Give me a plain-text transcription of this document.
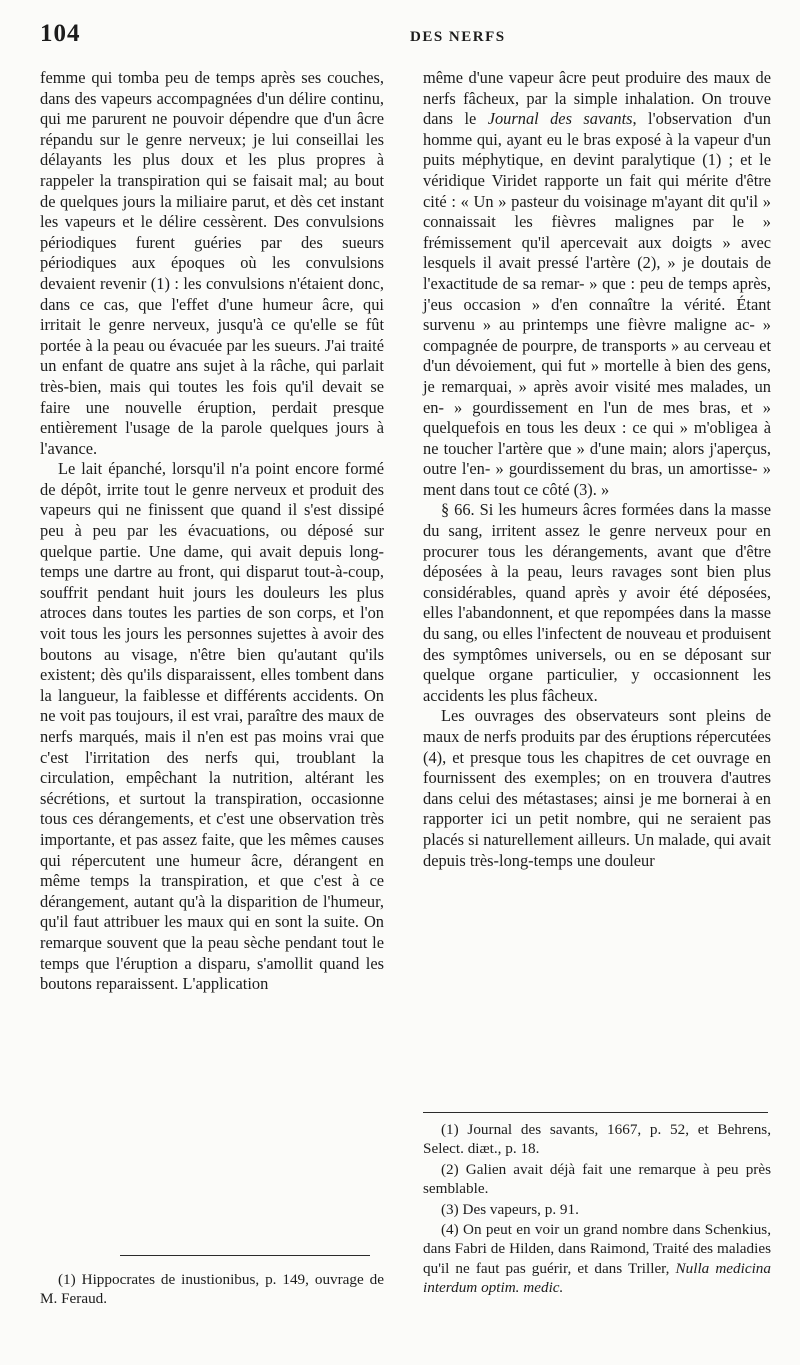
104	DES NERFS

femme qui tomba peu de temps après ses couches, dans des vapeurs accompagnées d'un délire continu, qui me parurent ne pouvoir dépendre que d'un âcre répandu sur le genre nerveux; je lui conseillai les délayants les plus doux et les plus propres à rappeler la transpiration qui se faisait mal; au bout de quelques jours la miliaire parut, et dès cet instant les vapeurs et le délire cessèrent. Des convulsions périodiques furent guéries par des sueurs périodiques aux époques où les convulsions devaient revenir (1) : les convulsions n'étaient donc, dans ce cas, que l'effet d'une humeur âcre, qui irritait le genre nerveux, jusqu'à ce qu'elle se fût portée à la peau ou évacuée par les sueurs. J'ai traité un enfant de quatre ans sujet à la râche, qui parlait très-bien, mais qui toutes les fois qu'il devait se faire une nouvelle éruption, perdait presque entièrement l'usage de la parole quelques jours à l'avance.

Le lait épanché, lorsqu'il n'a point encore formé de dépôt, irrite tout le genre nerveux et produit des vapeurs qui ne finissent que quand il s'est dissipé peu à peu par les évacuations, ou déposé sur quelque partie. Une dame, qui avait depuis long-temps une dartre au front, qui disparut tout-à-coup, souffrit pendant huit jours les douleurs les plus atroces dans toutes les parties de son corps, et l'on voit tous les jours les personnes sujettes à avoir des boutons au visage, n'être bien qu'autant qu'ils existent; dès qu'ils disparaissent, elles tombent dans la langueur, la faiblesse et différents accidents. On ne voit pas toujours, il est vrai, paraître des maux de nerfs marqués, mais il n'en est pas moins vrai que c'est l'irritation des nerfs qui, troublant la circulation, empêchant la nutrition, altérant les sécrétions, et surtout la transpiration, occasionne tous ces dérangements, et c'est une observation très importante, et pas assez faite, que les mêmes causes qui répercutent une humeur âcre, dérangent en même temps la transpiration, et que c'est à ce dérangement, autant qu'à la disparition de l'humeur, qu'il faut attribuer les maux qui en sont la suite. On remarque souvent que la peau sèche pendant tout le temps que l'éruption a disparu, s'amollit quand les boutons reparaissent. L'application

même d'une vapeur âcre peut produire des maux de nerfs fâcheux, par la simple inhalation. On trouve dans le Journal des savants, l'observation d'un homme qui, ayant eu le bras exposé à la vapeur d'un puits méphytique, en devint paralytique (1) ; et le véridique Viridet rapporte un fait qui mérite d'être cité : « Un » pasteur du voisinage m'ayant dit qu'il » connaissait les fièvres malignes par le » frémissement qu'il apercevait aux doigts » avec lesquels il avait pressé l'artère (2), » je doutais de l'exactitude de sa remar- » que : peu de temps après, j'eus occasion » d'en connaître la vérité. Étant survenu » au printemps une fièvre maligne ac- » compagnée de pourpre, de transports » au cerveau et d'un dévoiement, qui fut » mortelle à bien des gens, je remarquai, » après avoir visité mes malades, un en- » gourdissement en l'un de mes bras, et » quelquefois en tous les deux : ce qui » m'obligea à ne toucher l'artère que » d'une main; alors j'aperçus, outre l'en- » gourdissement du bras, un amortisse- » ment dans tout ce côté (3). »

§ 66. Si les humeurs âcres formées dans la masse du sang, irritent assez le genre nerveux pour en procurer tous les dérangements, avant que d'être déposées à la peau, leurs ravages sont bien plus considérables, quand après y avoir été déposées, elles l'abandonnent, et que repompées dans la masse du sang, ou elles l'infectent de nouveau et produisent des symptômes universels, ou en se déposant sur quelque organe particulier, y occasionnent les accidents les plus fâcheux.

Les ouvrages des observateurs sont pleins de maux de nerfs produits par des éruptions répercutées (4), et presque tous les chapitres de cet ouvrage en fournissent des exemples; on en trouvera d'autres dans celui des métastases; ainsi je me bornerai à en rapporter ici un petit nombre, qui ne seraient pas placés si naturellement ailleurs. Un malade, qui avait depuis très-long-temps une douleur

(1) Journal des savants, 1667, p. 52, et Behrens, Select. diæt., p. 18.

(2) Galien avait déjà fait une remarque à peu près semblable.

(3) Des vapeurs, p. 91.

(4) On peut en voir un grand nombre dans Schenkius, dans Fabri de Hilden, dans Raimond, Traité des maladies qu'il ne faut pas guérir, et dans Triller, Nulla medicina interdum optim. medic.

(1) Hippocrates de inustionibus, p. 149, ouvrage de M. Feraud.
